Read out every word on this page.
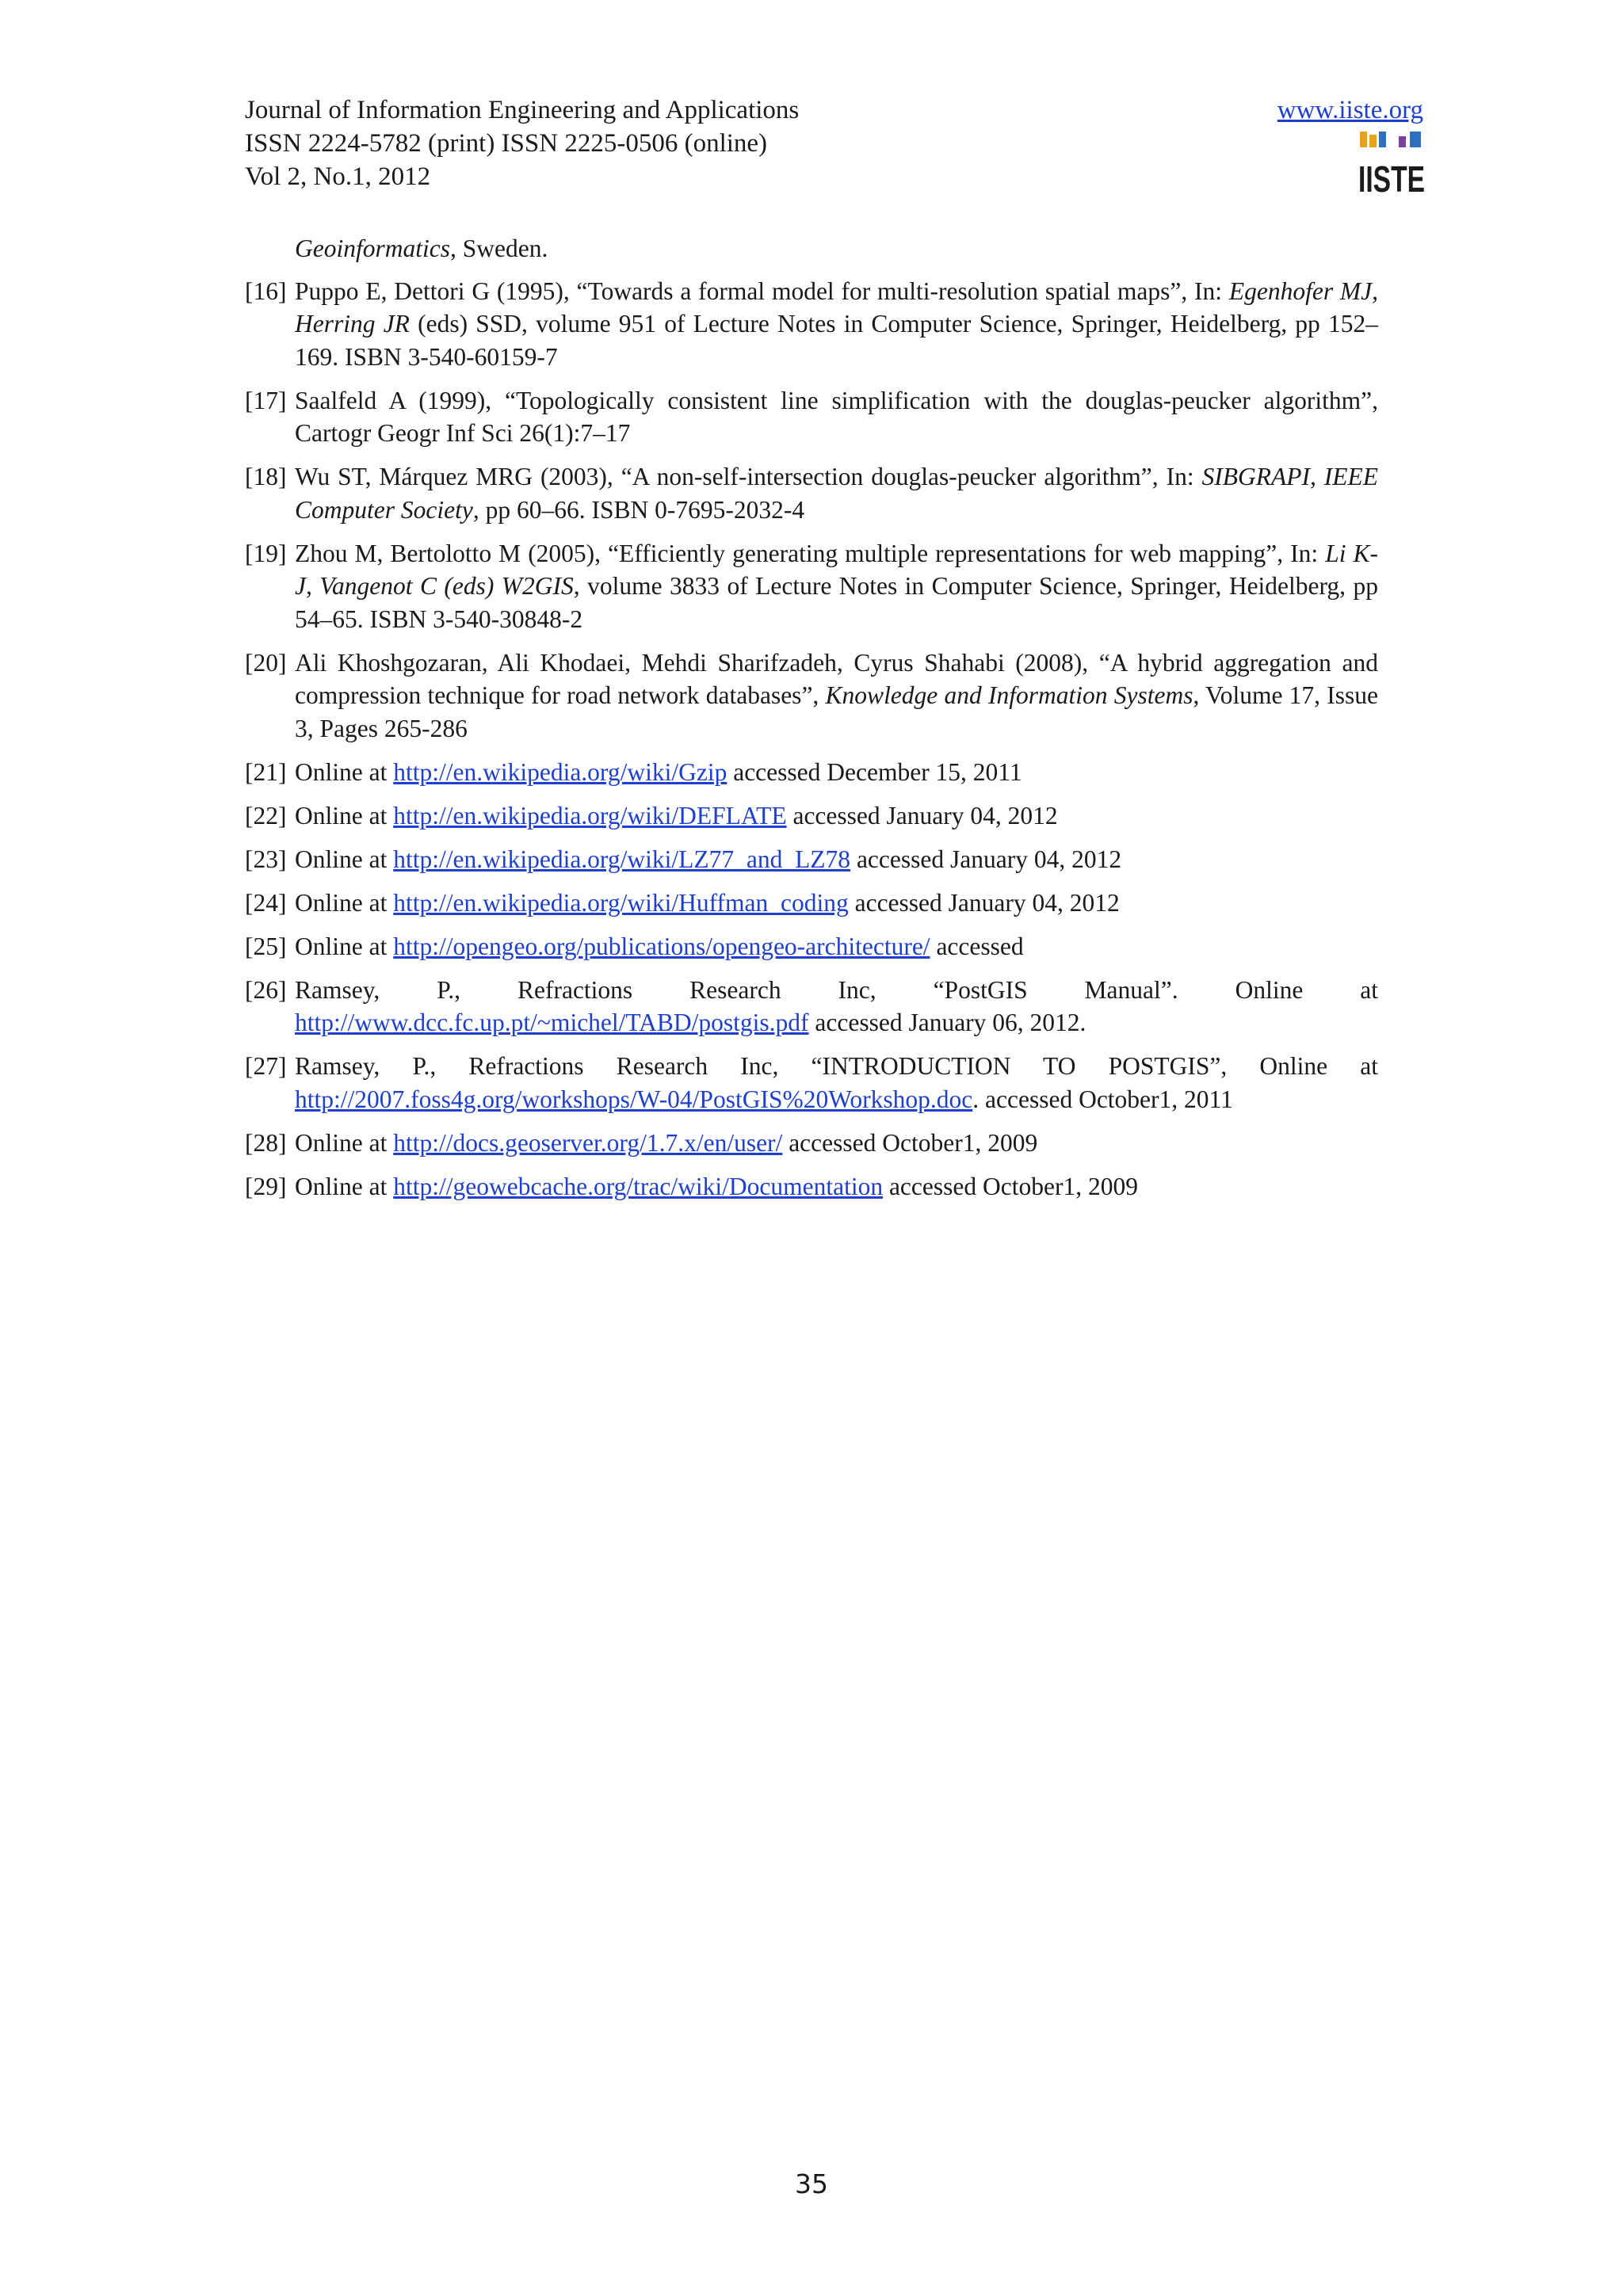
Journal of Information Engineering and Applications
ISSN 2224-5782 (print) ISSN 2225-0506 (online)
Vol 2, No.1, 2012
www.iiste.org
IISTE
Geoinformatics, Sweden.
[16] Puppo E, Dettori G (1995), “Towards a formal model for multi-resolution spatial maps”, In: Egenhofer MJ, Herring JR (eds) SSD, volume 951 of Lecture Notes in Computer Science, Springer, Heidelberg, pp 152–169. ISBN 3-540-60159-7
[17] Saalfeld A (1999), “Topologically consistent line simplification with the douglas-peucker algorithm”, Cartogr Geogr Inf Sci 26(1):7–17
[18] Wu ST, Márquez MRG (2003), “A non-self-intersection douglas-peucker algorithm”, In: SIBGRAPI, IEEE Computer Society, pp 60–66. ISBN 0-7695-2032-4
[19] Zhou M, Bertolotto M (2005), “Efficiently generating multiple representations for web mapping”, In: Li K-J, Vangenot C (eds) W2GIS, volume 3833 of Lecture Notes in Computer Science, Springer, Heidelberg, pp 54–65. ISBN 3-540-30848-2
[20] Ali Khoshgozaran, Ali Khodaei, Mehdi Sharifzadeh, Cyrus Shahabi (2008), “A hybrid aggregation and compression technique for road network databases”, Knowledge and Information Systems, Volume 17, Issue 3, Pages 265-286
[21] Online at http://en.wikipedia.org/wiki/Gzip accessed December 15, 2011
[22] Online at http://en.wikipedia.org/wiki/DEFLATE accessed January 04, 2012
[23] Online at http://en.wikipedia.org/wiki/LZ77_and_LZ78 accessed January 04, 2012
[24] Online at http://en.wikipedia.org/wiki/Huffman_coding accessed January 04, 2012
[25] Online at http://opengeo.org/publications/opengeo-architecture/ accessed
[26] Ramsey, P., Refractions Research Inc, “PostGIS Manual”. Online at
http://www.dcc.fc.up.pt/~michel/TABD/postgis.pdf accessed January 06, 2012.
[27] Ramsey, P., Refractions Research Inc, “INTRODUCTION TO POSTGIS”, Online at
http://2007.foss4g.org/workshops/W-04/PostGIS%20Workshop.doc. accessed October1, 2011
[28] Online at http://docs.geoserver.org/1.7.x/en/user/ accessed October1, 2009
[29] Online at http://geowebcache.org/trac/wiki/Documentation accessed October1, 2009
35
